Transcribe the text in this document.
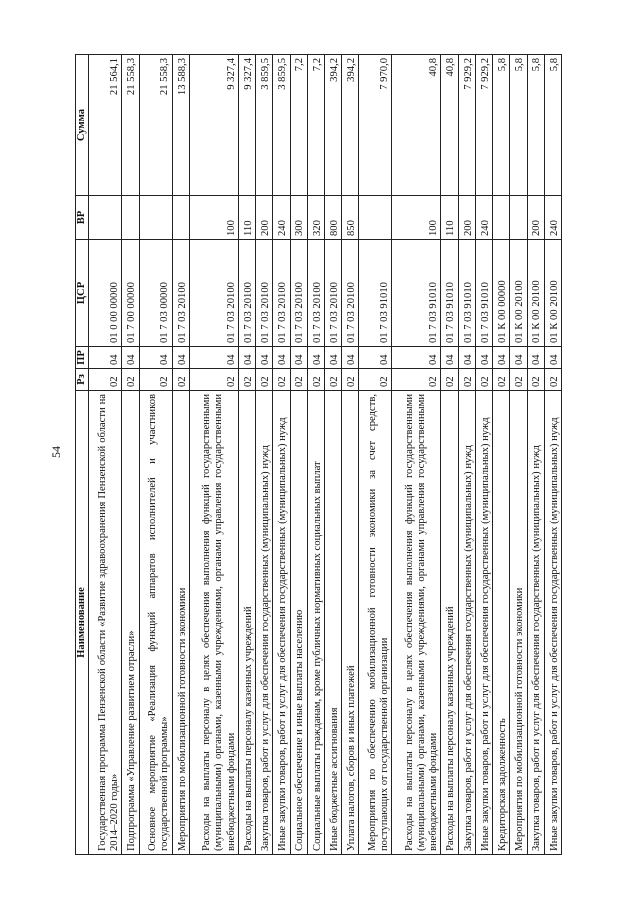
54
Наименование	Рз	ПР	ЦСР	ВР	Сумма
Государственная программа Пензенской области «Развитие здравоохранения Пензенской области на 2014–2020 годы»	02	04	01 0 00 00000		21 564,1
Подпрограмма «Управление развитием отрасли»	02	04	01 7 00 00000		21 558,3
Основное мероприятие «Реализация функций аппаратов исполнителей и участников государственной программы»	02	04	01 7 03 00000		21 558,3
Мероприятия по мобилизационной готовности экономики	02	04	01 7 03 20100		13 588,3
Расходы на выплаты персоналу в целях обеспечения выполнения функций государственными (муниципальными) органами, казенными учреждениями, органами управления государственными внебюджетными фондами	02	04	01 7 03 20100	100	9 327,4
Расходы на выплаты персоналу казенных учреждений	02	04	01 7 03 20100	110	9 327,4
Закупка товаров, работ и услуг для обеспечения государственных (муниципальных) нужд	02	04	01 7 03 20100	200	3 859,5
Иные закупки товаров, работ и услуг для обеспечения государственных (муниципальных) нужд	02	04	01 7 03 20100	240	3 859,5
Социальное обеспечение и иные выплаты населению	02	04	01 7 03 20100	300	7,2
Социальные выплаты гражданам, кроме публичных нормативных социальных выплат	02	04	01 7 03 20100	320	7,2
Иные бюджетные ассигнования	02	04	01 7 03 20100	800	394,2
Уплата налогов, сборов и иных платежей	02	04	01 7 03 20100	850	394,2
Мероприятия по обеспечению мобилизационной готовности экономики за счет средств, поступающих от государственной организации	02	04	01 7 03 91010		7 970,0
Расходы на выплаты персоналу в целях обеспечения выполнения функций государственными (муниципальными) органами, казенными учреждениями, органами управления государственными внебюджетными фондами	02	04	01 7 03 91010	100	40,8
Расходы на выплаты персоналу казенных учреждений	02	04	01 7 03 91010	110	40,8
Закупка товаров, работ и услуг для обеспечения государственных (муниципальных) нужд	02	04	01 7 03 91010	200	7 929,2
Иные закупки товаров, работ и услуг для обеспечения государственных (муниципальных) нужд	02	04	01 7 03 91010	240	7 929,2
Кредиторская задолженность	02	04	01 К 00 00000		5,8
Мероприятия по мобилизационной готовности экономики	02	04	01 К 00 20100		5,8
Закупка товаров, работ и услуг для обеспечения государственных (муниципальных) нужд	02	04	01 К 00 20100	200	5,8
Иные закупки товаров, работ и услуг для обеспечения государственных (муниципальных) нужд	02	04	01 К 00 20100	240	5,8
